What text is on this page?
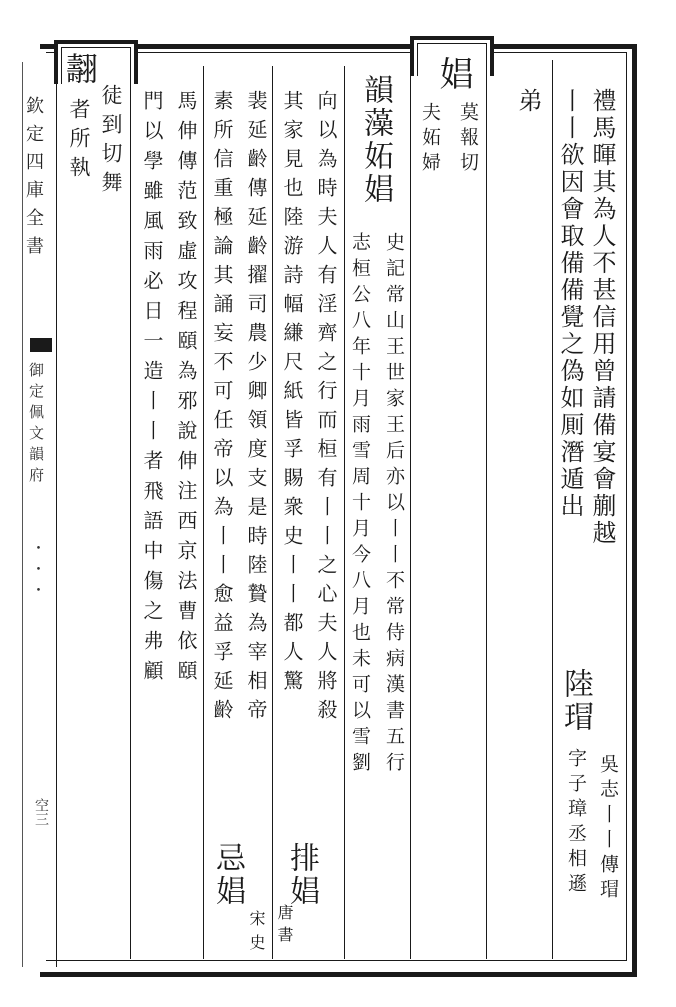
欽定四庫全書
御定佩文韻府
・・・
空三
禮馬暉其為人不甚信用曾請備宴會蒯越
丨丨欲因會取備備覺之偽如厠潛遁出
陸瑁
吳志丨丨傳瑁
字子璋丞相遜
弟
娼
莫報切
夫妬婦
韻藻妬娼
史記常山王世家王后亦以丨丨不常侍病漢書五行
志桓公八年十月雨雪周十月今八月也未可以雪劉
向以為時夫人有淫齊之行而桓有丨丨之心夫人將殺
其家見也陸游詩幅縑尺紙皆孚賜衆史丨丨都人驚
排娼
唐書
裴延齡傳延齡擢司農少卿領度支是時陸贄為宰相帝
素所信重極論其誦妄不可任帝以為丨丨愈益孚延齡
忌娼
宋
史
馬伸傳范致虛攻程頤為邪說伸注西京法曹依頤
門以學雖風雨必日一造丨丨者飛語中傷之弗顧
翿
徒到切舞
者所執
